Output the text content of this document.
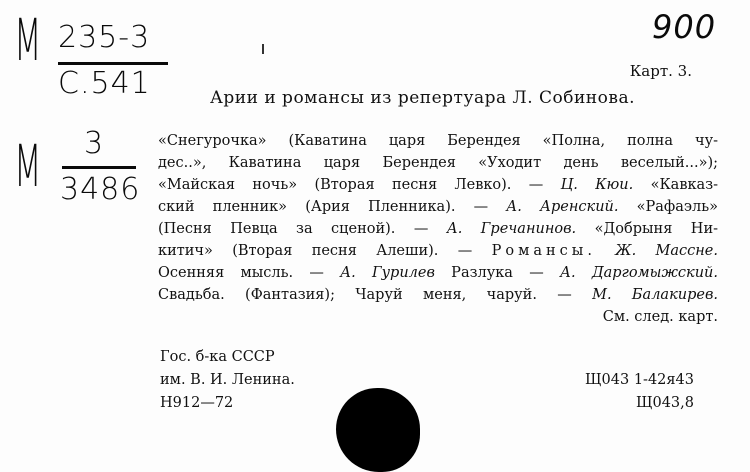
М 235-3
С.541
М 3
3486
900
Карт. 3.
Арии и романсы из репертуара Л. Собинова.
«Снегурочка» (Каватина царя Берендея «Полна, полна чу-
дес..», Каватина царя Берендея «Уходит день веселый...»);
«Майская ночь» (Вторая песня Левко). — Ц. Кюи. «Кавказ-
ский пленник» (Ария Пленника). — А. Аренский. «Рафаэль»
(Песня Певца за сценой). — А. Гречанинов. «Добрыня Ни-
китич» (Вторая песня Алеши). — Романсы. Ж. Массне.
Осенняя мысль. — А. Гурилев Разлука — А. Даргомыжский.
Свадьба. (Фантазия); Чаруй меня, чаруй. — М. Балакирев.
См. след. карт.
Гос. б-ка СССР
им. В. И. Ленина.
Н912—72
Щ043 1-42я43
Щ043,8
